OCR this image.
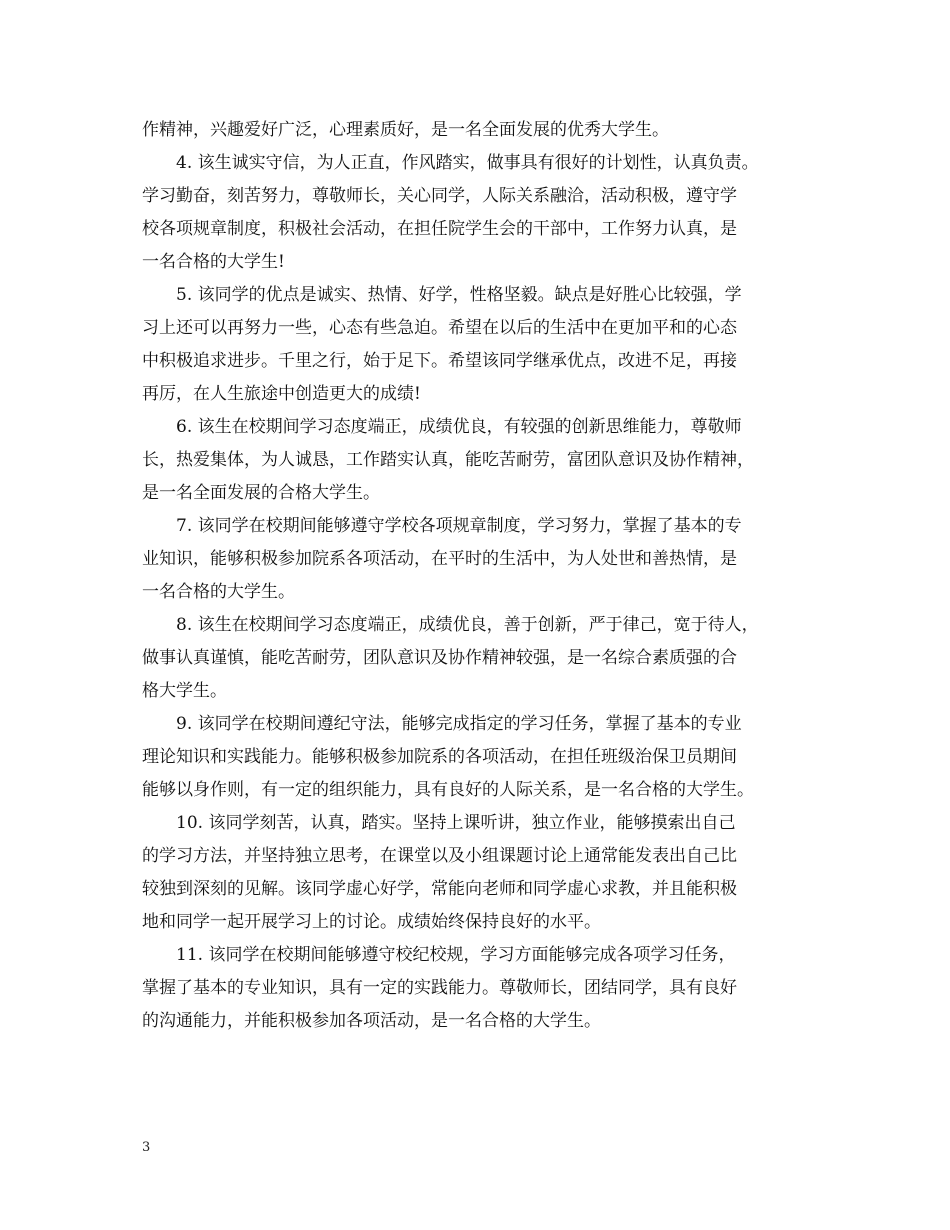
作精神，兴趣爱好广泛，心理素质好，是一名全面发展的优秀大学生。
　　4. 该生诚实守信，为人正直，作风踏实，做事具有很好的计划性，认真负责。
学习勤奋，刻苦努力，尊敬师长，关心同学，人际关系融洽，活动积极，遵守学
校各项规章制度，积极社会活动，在担任院学生会的干部中，工作努力认真，是
一名合格的大学生!
　　5. 该同学的优点是诚实、热情、好学，性格坚毅。缺点是好胜心比较强，学
习上还可以再努力一些，心态有些急迫。希望在以后的生活中在更加平和的心态
中积极追求进步。千里之行，始于足下。希望该同学继承优点，改进不足，再接
再厉，在人生旅途中创造更大的成绩!
　　6. 该生在校期间学习态度端正，成绩优良，有较强的创新思维能力，尊敬师
长，热爱集体，为人诚恳，工作踏实认真，能吃苦耐劳，富团队意识及协作精神，
是一名全面发展的合格大学生。
　　7. 该同学在校期间能够遵守学校各项规章制度，学习努力，掌握了基本的专
业知识，能够积极参加院系各项活动，在平时的生活中，为人处世和善热情，是
一名合格的大学生。
　　8. 该生在校期间学习态度端正，成绩优良，善于创新，严于律己，宽于待人，
做事认真谨慎，能吃苦耐劳，团队意识及协作精神较强，是一名综合素质强的合
格大学生。
　　9. 该同学在校期间遵纪守法，能够完成指定的学习任务，掌握了基本的专业
理论知识和实践能力。能够积极参加院系的各项活动，在担任班级治保卫员期间
能够以身作则，有一定的组织能力，具有良好的人际关系，是一名合格的大学生。
　　10. 该同学刻苦，认真，踏实。坚持上课听讲，独立作业，能够摸索出自己
的学习方法，并坚持独立思考，在课堂以及小组课题讨论上通常能发表出自己比
较独到深刻的见解。该同学虚心好学，常能向老师和同学虚心求教，并且能积极
地和同学一起开展学习上的讨论。成绩始终保持良好的水平。
　　11. 该同学在校期间能够遵守校纪校规，学习方面能够完成各项学习任务，
掌握了基本的专业知识，具有一定的实践能力。尊敬师长，团结同学，具有良好
的沟通能力，并能积极参加各项活动，是一名合格的大学生。
3
